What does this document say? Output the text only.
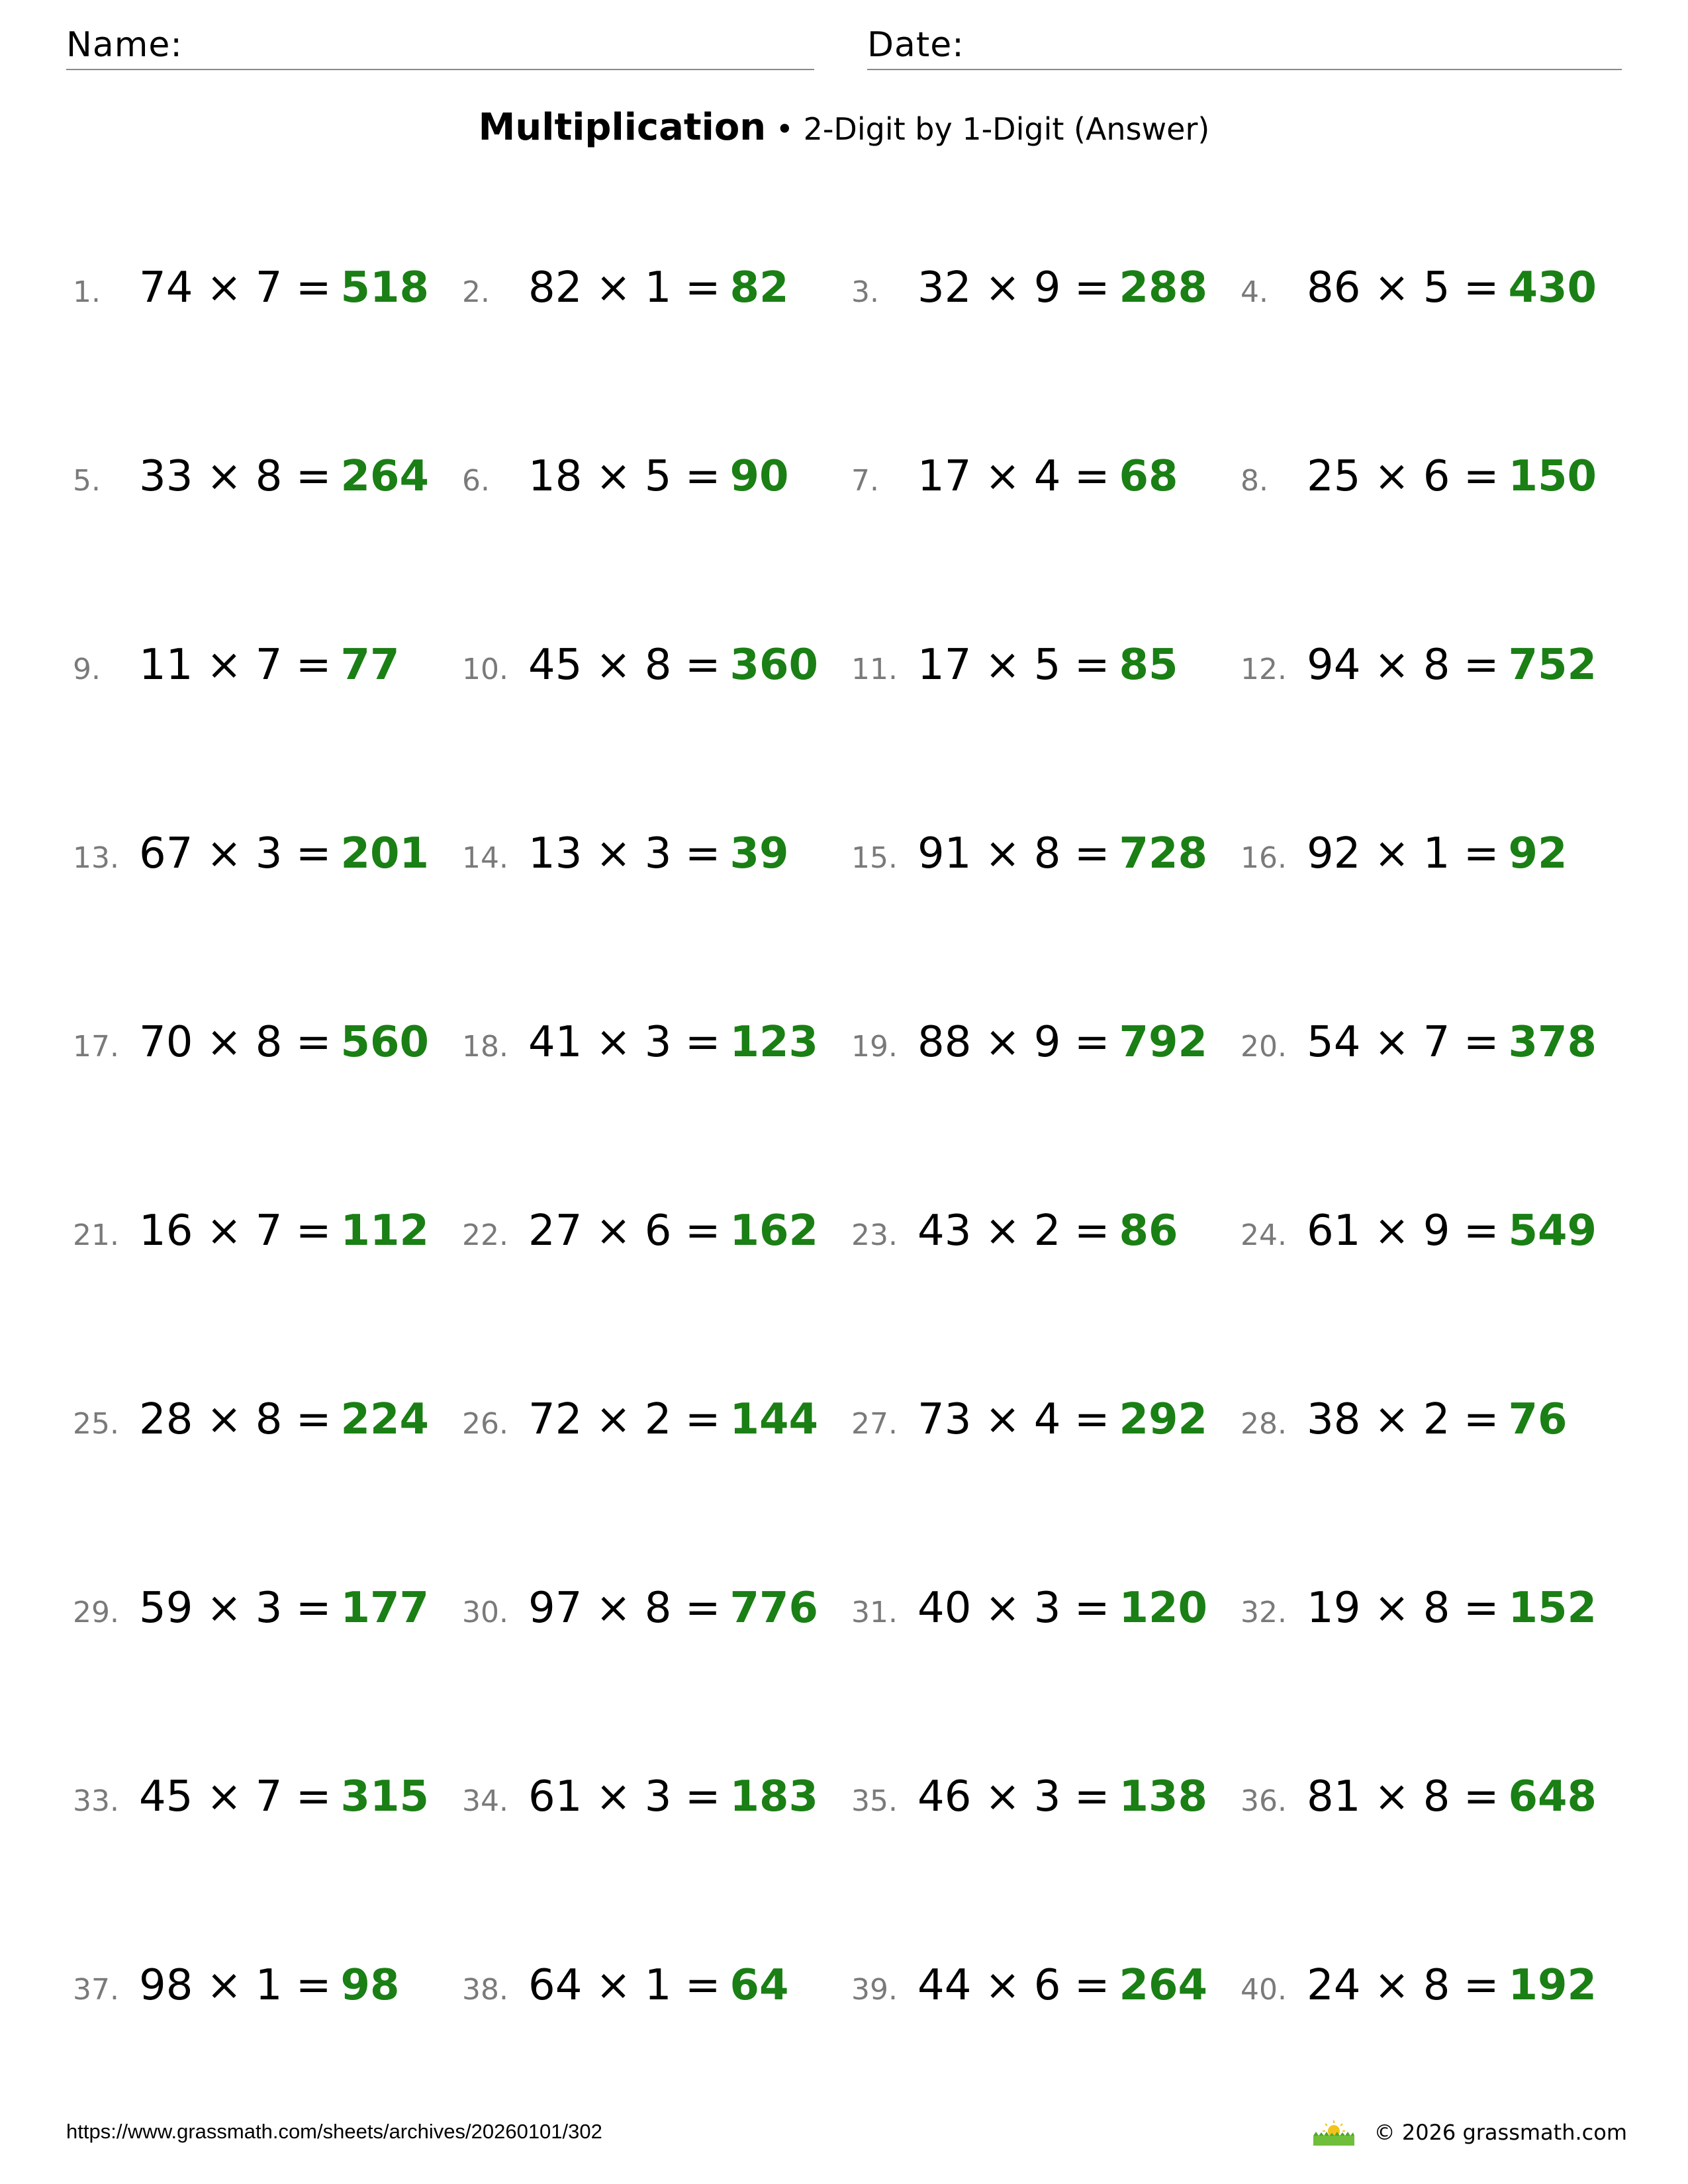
Name:	Date:
Multiplication • 2-Digit by 1-Digit (Answer)
1. 74 × 7 = 518 2. 82 × 1 = 82 3. 32 × 9 = 288 4. 86 × 5 = 430
5. 33 × 8 = 264 6. 18 × 5 = 90 7. 17 × 4 = 68 8. 25 × 6 = 150
9. 11 × 7 = 77 10. 45 × 8 = 360 11. 17 × 5 = 85 12. 94 × 8 = 752
13. 67 × 3 = 201 14. 13 × 3 = 39 15. 91 × 8 = 728 16. 92 × 1 = 92
17. 70 × 8 = 560 18. 41 × 3 = 123 19. 88 × 9 = 792 20. 54 × 7 = 378
21. 16 × 7 = 112 22. 27 × 6 = 162 23. 43 × 2 = 86 24. 61 × 9 = 549
25. 28 × 8 = 224 26. 72 × 2 = 144 27. 73 × 4 = 292 28. 38 × 2 = 76
29. 59 × 3 = 177 30. 97 × 8 = 776 31. 40 × 3 = 120 32. 19 × 8 = 152
33. 45 × 7 = 315 34. 61 × 3 = 183 35. 46 × 3 = 138 36. 81 × 8 = 648
37. 98 × 1 = 98 38. 64 × 1 = 64 39. 44 × 6 = 264 40. 24 × 8 = 192
https://www.grassmath.com/sheets/archives/20260101/302	© 2026 grassmath.com
